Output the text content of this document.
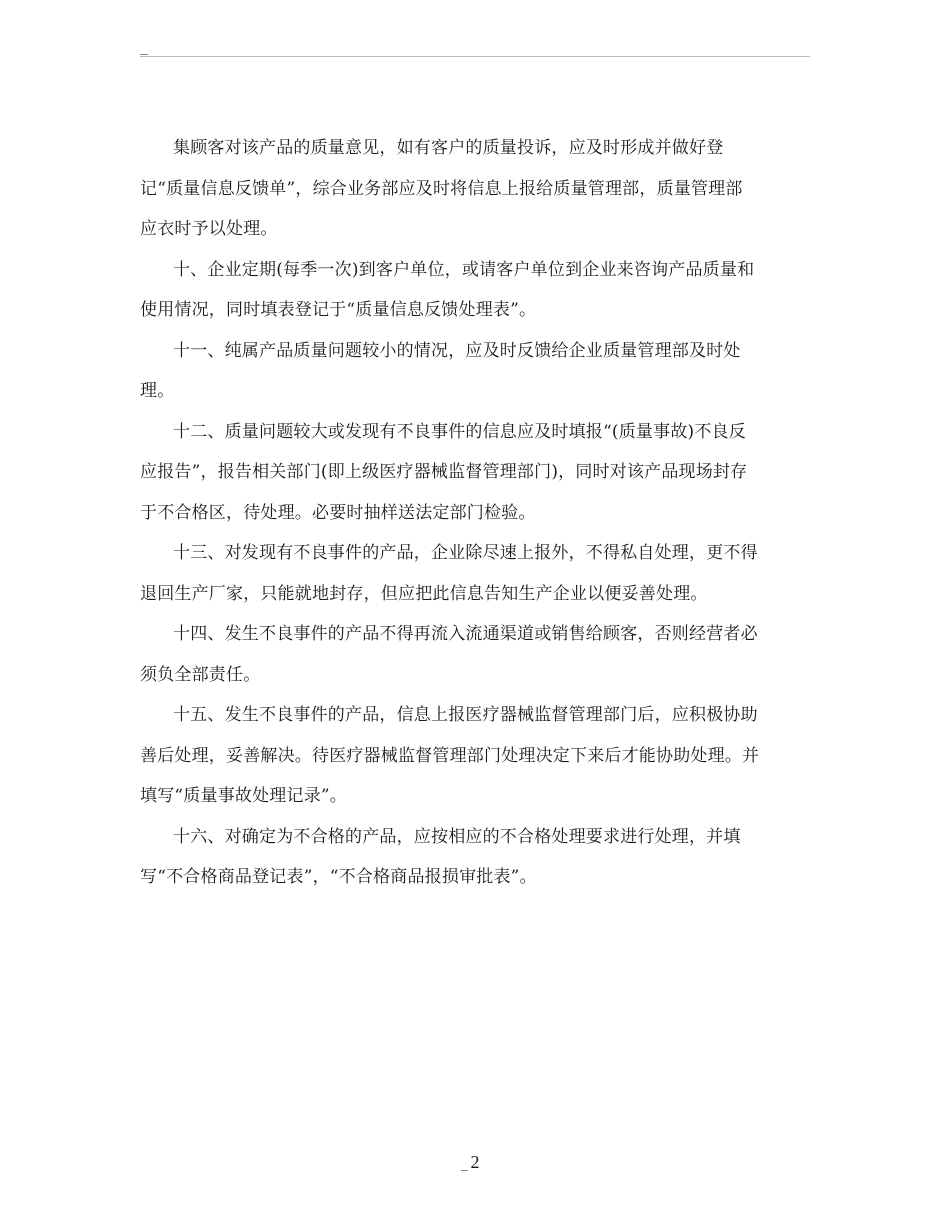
集顾客对该产品的质量意见，如有客户的质量投诉，应及时形成并做好登
记“质量信息反馈单”，综合业务部应及时将信息上报给质量管理部，质量管理部
应衣时予以处理。

十、企业定期(每季一次)到客户单位，或请客户单位到企业来咨询产品质量和
使用情况，同时填表登记于“质量信息反馈处理表”。

十一、纯属产品质量问题较小的情况，应及时反馈给企业质量管理部及时处
理。

十二、质量问题较大或发现有不良事件的信息应及时填报“(质量事故)不良反
应报告”，报告相关部门(即上级医疗器械监督管理部门)，同时对该产品现场封存
于不合格区，待处理。必要时抽样送法定部门检验。

十三、对发现有不良事件的产品，企业除尽速上报外，不得私自处理，更不得
退回生产厂家，只能就地封存，但应把此信息告知生产企业以便妥善处理。

十四、发生不良事件的产品不得再流入流通渠道或销售给顾客，否则经营者必
须负全部责任。

十五、发生不良事件的产品，信息上报医疗器械监督管理部门后，应积极协助
善后处理，妥善解决。待医疗器械监督管理部门处理决定下来后才能协助处理。并
填写“质量事故处理记录”。

十六、对确定为不合格的产品，应按相应的不合格处理要求进行处理，并填
写“不合格商品登记表”，“不合格商品报损审批表”。

2
